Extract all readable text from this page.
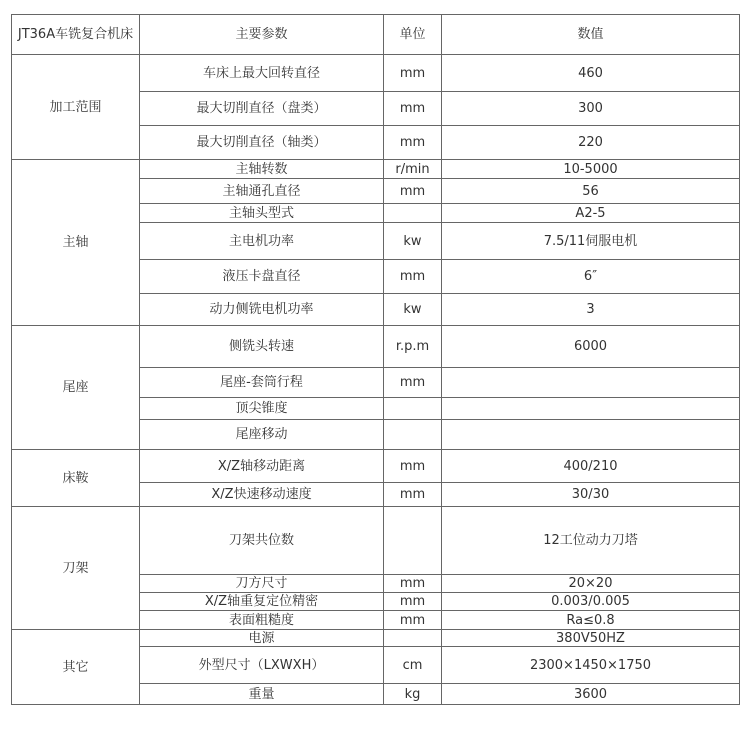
JT36A车铣复合机床	主要参数	单位	数值
加工范围	车床上最大回转直径	mm	460
	最大切削直径（盘类）	mm	300
	最大切削直径（轴类）	mm	220
主轴	主轴转数	r/min	10-5000
	主轴通孔直径	mm	56
	主轴头型式		A2-5
	主电机功率	kw	7.5/11伺服电机
	液压卡盘直径	mm	6″
	动力侧铣电机功率	kw	3
尾座	侧铣头转速	r.p.m	6000
	尾座-套筒行程	mm	
	顶尖锥度		
	尾座移动		
床鞍	X/Z轴移动距离	mm	400/210
	X/Z快速移动速度	mm	30/30
刀架	刀架共位数		12工位动力刀塔
	刀方尺寸	mm	20×20
	X/Z轴重复定位精密	mm	0.003/0.005
	表面粗糙度	mm	Ra≤0.8
其它	电源		380V50HZ
	外型尺寸（LXWXH）	cm	2300×1450×1750
	重量	kg	3600
